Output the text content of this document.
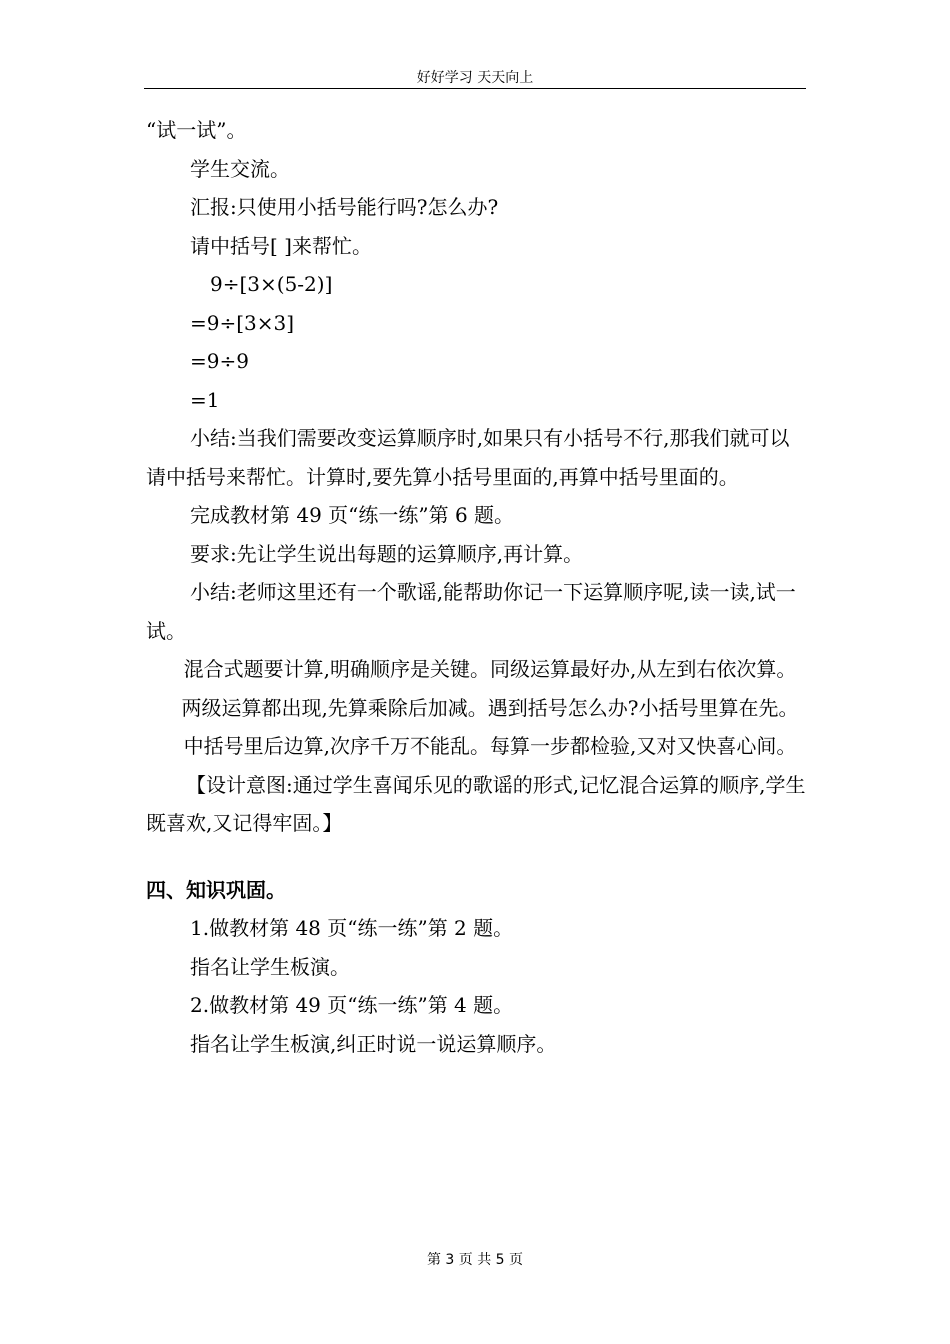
好好学习 天天向上

“试一试”。

学生交流。

汇报:只使用小括号能行吗?怎么办?

请中括号[ ]来帮忙。

9÷[3×(5-2)]

=9÷[3×3]

=9÷9

=1

小结:当我们需要改变运算顺序时,如果只有小括号不行,那我们就可以请中括号来帮忙。计算时,要先算小括号里面的,再算中括号里面的。

完成教材第 49 页“练一练”第 6 题。

要求:先让学生说出每题的运算顺序,再计算。

小结:老师这里还有一个歌谣,能帮助你记一下运算顺序呢,读一读,试一试。

混合式题要计算,明确顺序是关键。同级运算最好办,从左到右依次算。

两级运算都出现,先算乘除后加减。遇到括号怎么办?小括号里算在先。

中括号里后边算,次序千万不能乱。每算一步都检验,又对又快喜心间。

【设计意图:通过学生喜闻乐见的歌谣的形式,记忆混合运算的顺序,学生既喜欢,又记得牢固。】

四、知识巩固。

1.做教材第 48 页“练一练”第 2 题。

指名让学生板演。

2.做教材第 49 页“练一练”第 4 题。

指名让学生板演,纠正时说一说运算顺序。

第 3 页 共 5 页
